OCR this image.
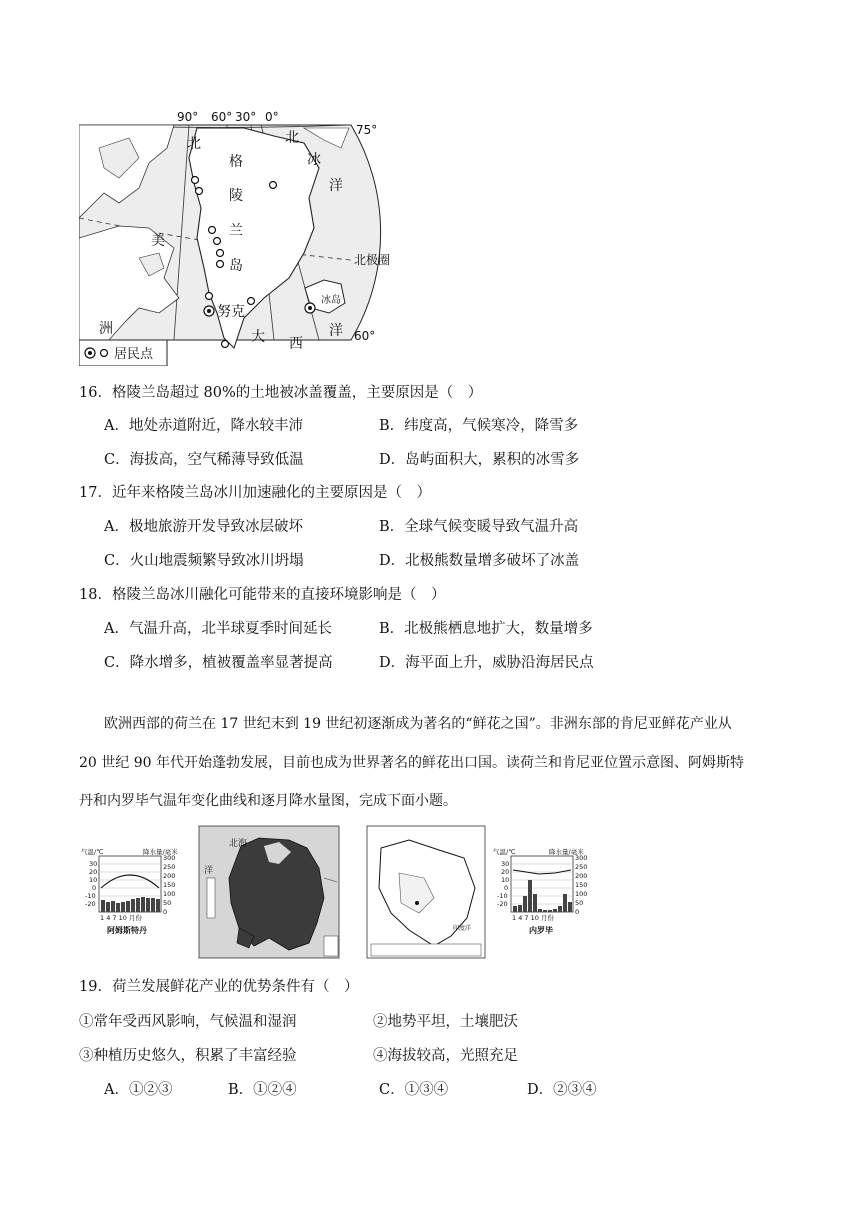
90° 60° 30° 0°
75°
60°
北极圈
北
格
陵
兰
岛
北
冰
洋
美
洲	大 西
洋
努克
冰岛
居民点
16．格陵兰岛超过 80%的土地被冰盖覆盖，主要原因是（　）
A．地处赤道附近，降水较丰沛	B．纬度高，气候寒冷，降雪多
C．海拔高，空气稀薄导致低温	D．岛屿面积大，累积的冰雪多
17．近年来格陵兰岛冰川加速融化的主要原因是（　）
A．极地旅游开发导致冰层破坏	B．全球气候变暖导致气温升高
C．火山地震频繁导致冰川坍塌	D．北极熊数量增多破坏了冰盖
18．格陵兰岛冰川融化可能带来的直接环境影响是（　）
A．气温升高，北半球夏季时间延长	B．北极熊栖息地扩大，数量增多
C．降水增多，植被覆盖率显著提高	D．海平面上升，威胁沿海居民点
欧洲西部的荷兰在 17 世纪末到 19 世纪初逐渐成为著名的“鲜花之国”。非洲东部的肯尼亚鲜花产业从
20 世纪 90 年代开始蓬勃发展，目前也成为世界著名的鲜花出口国。读荷兰和肯尼亚位置示意图、阿姆斯特
丹和内罗毕气温年变化曲线和逐月降水量图，完成下面小题。
气温/℃	降水量/毫米
30
20
10
0
-10
-20
300
250
200
150
100
50
0
1 4 7 10 月份
阿姆斯特丹
北海
洋
印度洋
气温/℃	降水量/毫米
30
20
10
0
-10
-20
300
250
200
150
100
50
0
1 4 7 10 月份
内罗毕
19．荷兰发展鲜花产业的优势条件有（　）
①常年受西风影响，气候温和湿润	②地势平坦，土壤肥沃
③种植历史悠久，积累了丰富经验	④海拔较高，光照充足
A．①②③	B．①②④	C．①③④	D．②③④
